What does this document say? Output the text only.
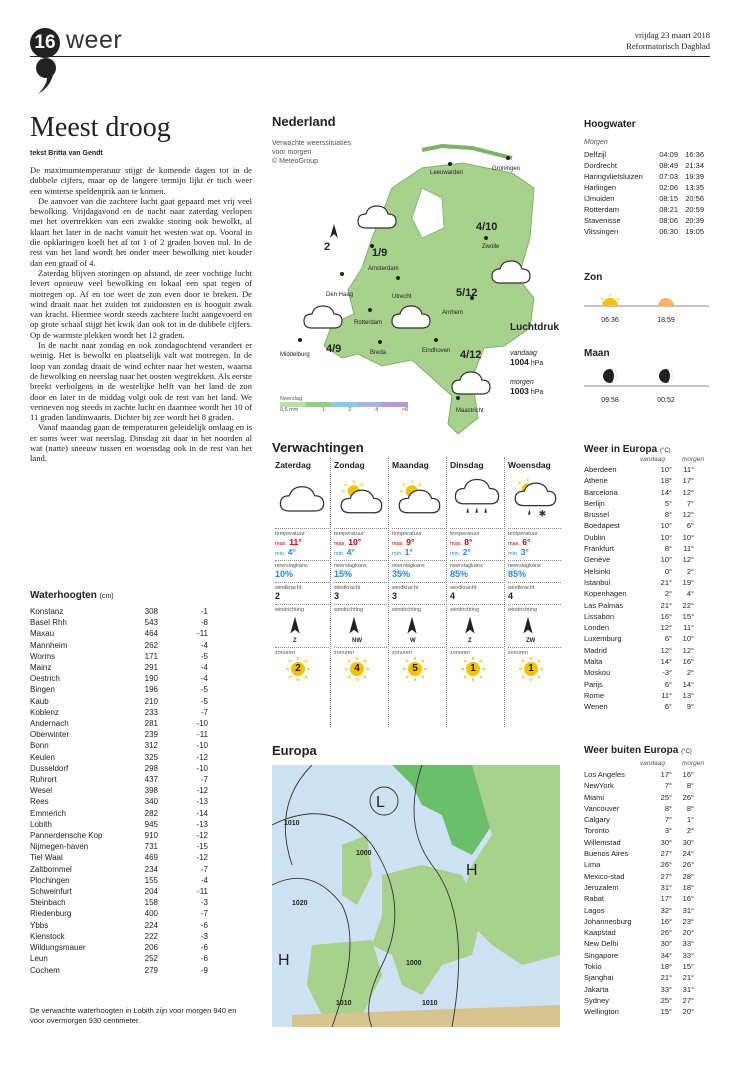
16 weer	vrijdag 23 maart 2018
Reformatorisch Dagblad
Meest droog
tekst Britta van Gendt

De maximumtemperatuur stijgt de komende dagen tot in de dubbele cijfers, maar op de langere termijn lijkt er toch weer een winterse speldenprik aan te komen.

De aanvoer van die zachtere lucht gaat gepaard met vrij veel bewolking. Vrijdagavond en de nacht naar zaterdag verlopen met het overtrekken van een zwakke storing ook bewolkt, al klaart het later in de nacht vanuit het westen wat op. Vooral in die opklaringen koelt het af tot 1 of 2 graden boven nul. In de rest van het land wordt het onder meer bewolking niet kouder dan een graad of 4.

Zaterdag blijven storingen op afstand, de zeer vochtige lucht levert opnieuw veel bewolking en lokaal een spat regen of motregen op. Af en toe weet de zon even door te breken. De wind draait naar het zuiden tot zuidoosten en is hooguit zwak van kracht. Hiermee wordt steeds zachtere lucht aangevoerd en op grote schaal stijgt het kwik dan ook tot in de dubbele cijfers. Op de warmste plekken wordt het 12 graden.

In de nacht naar zondag en ook zondagochtend verandert er weinig. Het is bewolkt en plaatselijk valt wat motregen. In de loop van zondag draait de wind echter naar het westen, waarna de bewolking en neerslag naar het oosten wegtrekken. Als eerste breekt verbolgens in de westelijke helft van het land de zon door en later in de middag volgt ook de rest van het land. We vertoeven nog steeds in zachte lucht en daarmee wordt het 10 of 11 graden landinwaarts. Dichter bij zee wordt het 8 graden.

Vanaf maandag gaan de temperaturen geleidelijk omlaag en is er soms weer wat neerslag. Dinsdag zit daar in het noorden al wat (natte) sneeuw tussen en woensdag ook in de rest van het land.

Waterhoogten (cm)
Konstanz	308	-1
Basel Rhh	543	-8
Maxau	464	-11
Mannheim	262	-4
Worms	171	-5
Mainz	291	-4
Oestrich	190	-4
Bingen	196	-5
Kaub	210	-5
Koblenz	233	-7
Andernach	281	-10
Oberwinter	239	-11
Bonn	312	-10
Keulen	325	-12
Dusseldorf	298	-10
Ruhrort	437	-7
Wesel	398	-12
Rees	340	-13
Emmerich	282	-14
Lobith	945	-13
Pannerdensche Kop	910	-12
Nijmegen-haven	731	-15
Tiel Waal	469	-12
Zaltbommel	234	-7
Plochingen	155	-4
Schweinfurt	204	-11
Steinbach	158	-3
Riedenburg	400	-7
Ybbs	224	-6
Kienstock	222	-3
Wildungsmauer	206	-6
Leun	252	-6
Cochem	279	-9
De verwachte waterhoogten in Lobith zijn voor morgen 940 en voor overmorgen 930 centimeter.
Leeuwarden
Groningen
Zwolle
Amsterdam
Den Haag	Utrecht
Arnhem
Rotterdam
Middelburg	Breda	Eindhoven
Maastricht
1/9
4/10
5/12
4/9	4/12
2
Nederland
Verwachte weerssituaties
voor morgen
© MeteoGroup
Neerslag
0,5 mm	1	2	4	>8
Luchtdruk
vandaag
1004 hPa
morgen
1003 hPa
Hoogwater
Morgen
Delfzijl	04:09 16:36
Dordrecht	08:49 21:34
Haringvlietsluizen	07:03 19:39
Harlingen	02:06 13:35
IJmuiden	08:15 20:56
Rotterdam	08:21 20:59
Stavenisse	08:06 20:39
Vlissingen	06:30 19:05
Zon
06:36	18:59
Maan
09:58	00:52
Verwachtingen
Zaterdag
temperatuur
max. 11°
min. 4°
neerslagkans
10%
windkracht
2
windrichting
Z
zonuren
2
Zondag
temperatuur
max. 10°
min. 4°
neerslagkans
15%
windkracht
3
windrichting
NW
zonuren
4
Maandag
temperatuur
max. 9°
min. 1°
neerslagkans
35%
windkracht
3
windrichting
W
zonuren
5
Dinsdag
temperatuur
max. 8°
min. 2°
neerslagkans
85%
windkracht
4
windrichting
Z
zonuren
1
Woensdag
✱
temperatuur
max. 6°
min. 3°
neerslagkans
85%
windkracht
4
windrichting
ZW
zonuren
1
Weer in Europa (°C)
vandaag	morgen
Aberdeen	10°	11°
Athene	18°	17°
Barcelona	14°	12°
Berlijn	5°	7°
Brussel	8°	12°
Boedapest	10°	6°
Dublin	10°	10°
Frankfurt	8°	11°
Genève	10°	12°
Helsinki	0°	2°
Istanbul	21°	19°
Kopenhagen	2°	4°
Las Palmas	21°	22°
Lissabon	16°	15°
Londen	12°	11°
Luxemburg	6°	10°
Madrid	12°	12°
Malta	14°	16°
Moskou	-3°	2°
Parijs	6°	14°
Rome	11°	13°
Wenen	6°	9°
Europa
1010
1000
1020
1000
1010	1010
H
H
L
Weer buiten Europa (°C)
vandaag	morgen
Los Angeles	17°	16°
NewYork	7°	8°
Miami	25°	26°
Vancouver	8°	8°
Calgary	7°	1°
Toronto	3°	2°
Willemstad	30°	30°
Buenos Aires	27°	24°
Lima	26°	26°
Mexico-stad	27°	28°
Jeruzalem	31°	18°
Rabat	17°	16°
Lagos	32°	31°
Johannesburg	16°	23°
Kaapstad	26°	20°
New Delhi	30°	33°
Singapore	34°	33°
Tokio	18°	15°
Sjanghai	21°	21°
Jakarta	33°	31°
Sydney	25°	27°
Wellington	15°	20°
